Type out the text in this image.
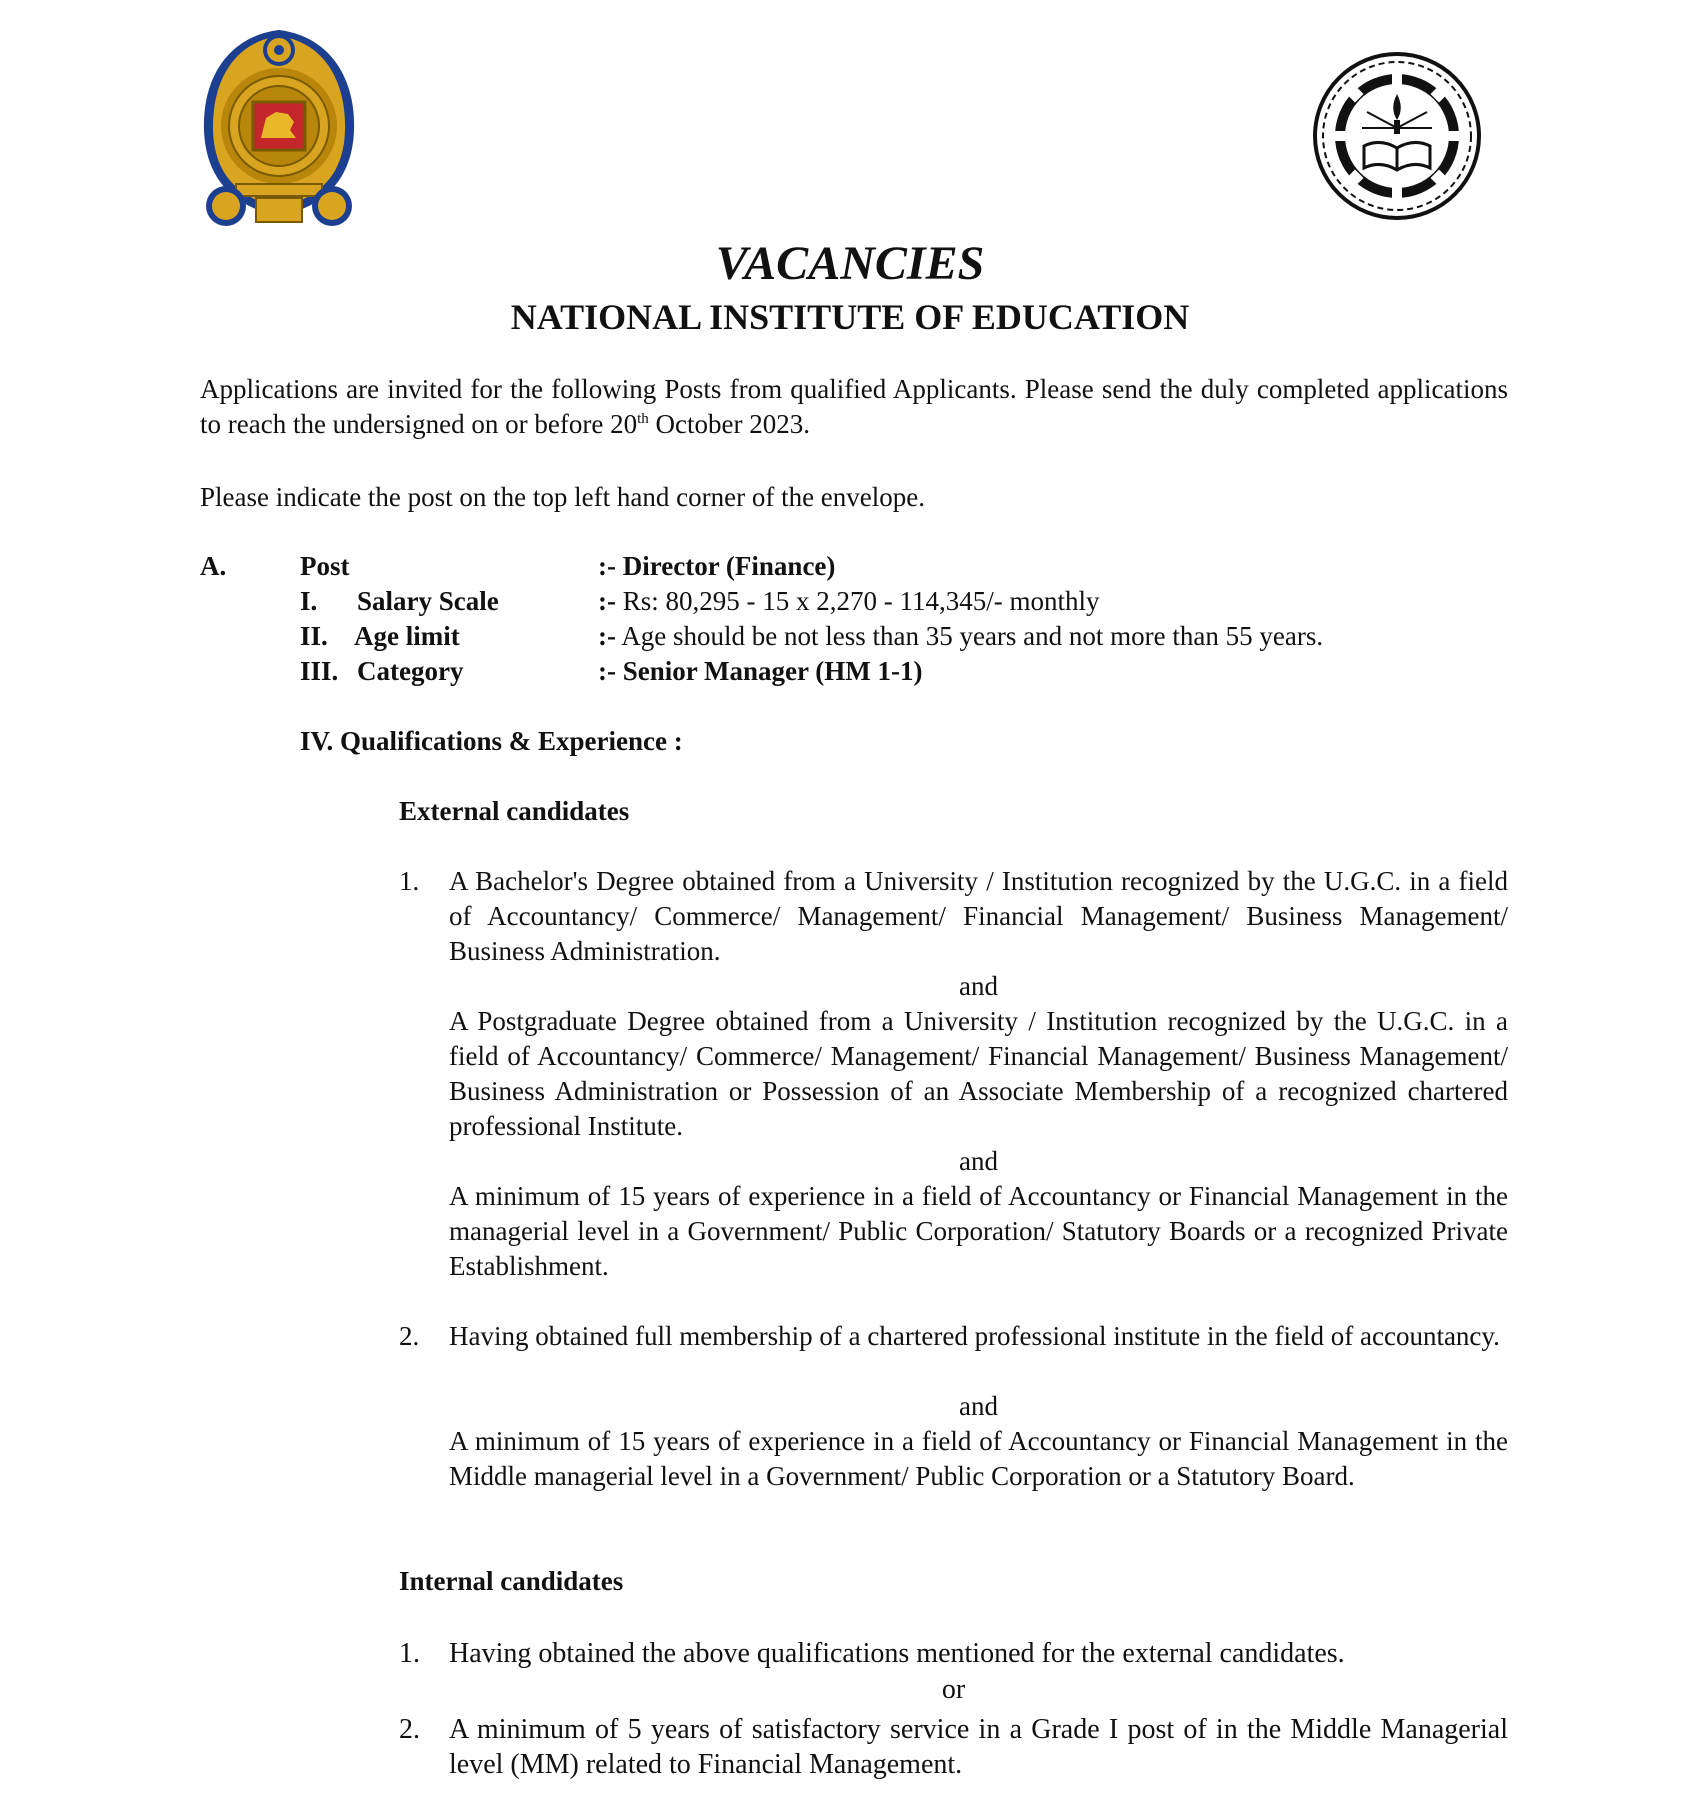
VACANCIES
NATIONAL INSTITUTE OF EDUCATION
Applications are invited for the following Posts from qualified Applicants. Please send the duly completed applications to reach the undersigned on or before 20th October 2023.
Please indicate the post on the top left hand corner of the envelope.
A.	Post	:- Director (Finance)
I. Salary Scale	:- Rs: 80,295 - 15 x 2,270 - 114,345/- monthly
II. Age limit	:- Age should be not less than 35 years and not more than 55 years.
III. Category	:- Senior Manager (HM 1-1)
IV. Qualifications & Experience :
External candidates
1. A Bachelor's Degree obtained from a University / Institution recognized by the U.G.C. in a field of Accountancy/ Commerce/ Management/ Financial Management/ Business Management/ Business Administration.
and
A Postgraduate Degree obtained from a University / Institution recognized by the U.G.C. in a field of Accountancy/ Commerce/ Management/ Financial Management/ Business Management/ Business Administration or Possession of an Associate Membership of a recognized chartered professional Institute.
and
A minimum of 15 years of experience in a field of Accountancy or Financial Management in the managerial level in a Government/ Public Corporation/ Statutory Boards or a recognized Private Establishment.
2. Having obtained full membership of a chartered professional institute in the field of accountancy.
and
A minimum of 15 years of experience in a field of Accountancy or Financial Management in the Middle managerial level in a Government/ Public Corporation or a Statutory Board.
Internal candidates
1. Having obtained the above qualifications mentioned for the external candidates.
or
2. A minimum of 5 years of satisfactory service in a Grade I post of in the Middle Managerial level (MM) related to Financial Management.
